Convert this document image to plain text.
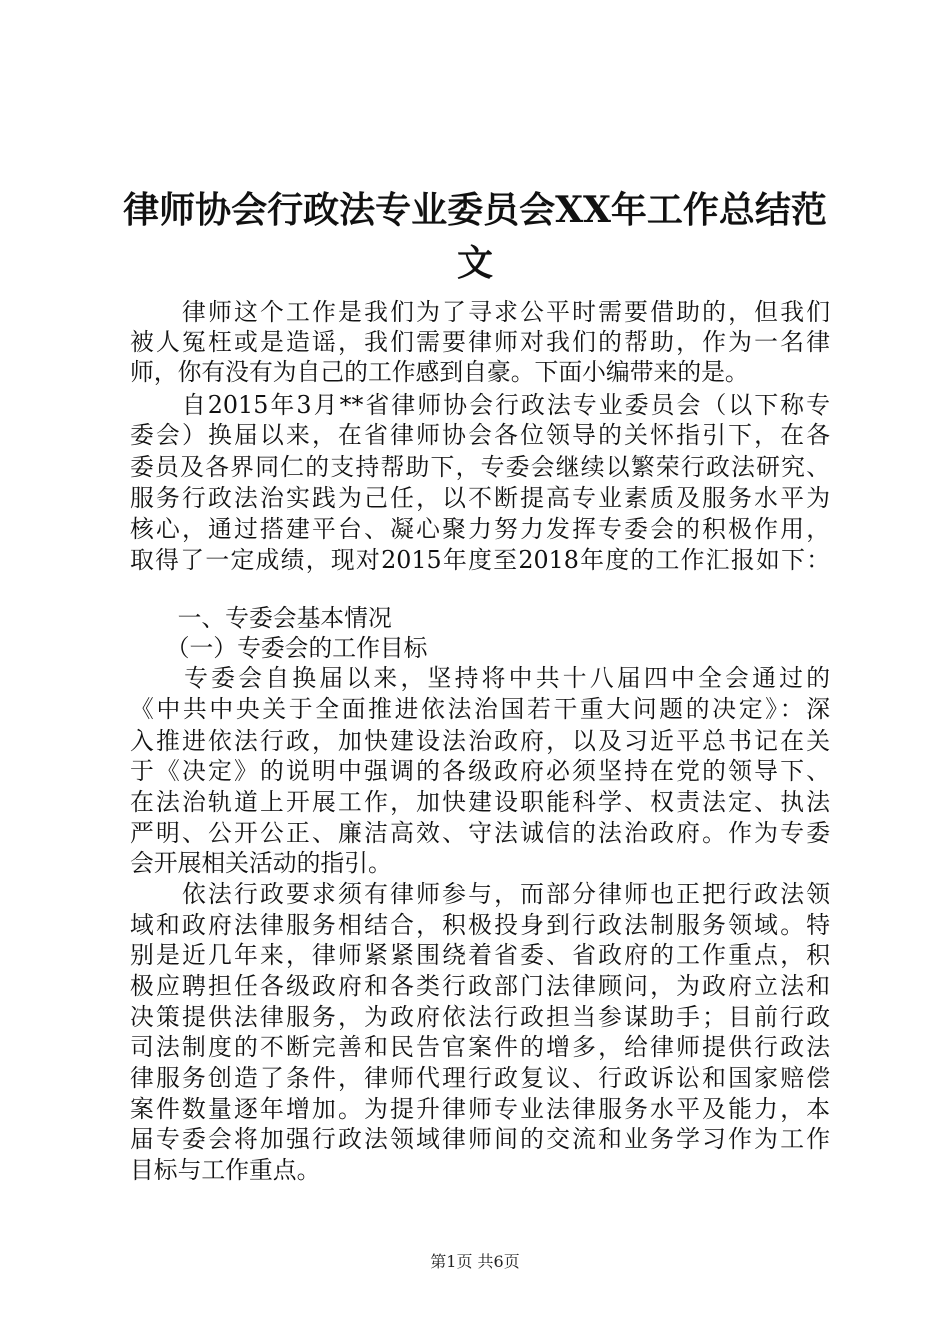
律师协会行政法专业委员会XX年工作总结范
文

　　律师这个工作是我们为了寻求公平时需要借助的，但我们

被人冤枉或是造谣，我们需要律师对我们的帮助，作为一名律

师，你有没有为自己的工作感到自豪。下面小编带来的是。

　　自2015年3月**省律师协会行政法专业委员会（以下称专

委会）换届以来，在省律师协会各位领导的关怀指引下，在各

委员及各界同仁的支持帮助下，专委会继续以繁荣行政法研究、

服务行政法治实践为己任，以不断提高专业素质及服务水平为

核心，通过搭建平台、凝心聚力努力发挥专委会的积极作用，

取得了一定成绩，现对2015年度至2018年度的工作汇报如下：

　　一、专委会基本情况

　　（一）专委会的工作目标

　　专委会自换届以来，坚持将中共十八届四中全会通过的

《中共中央关于全面推进依法治国若干重大问题的决定》：深

入推进依法行政，加快建设法治政府，以及习近平总书记在关

于《决定》的说明中强调的各级政府必须坚持在党的领导下、

在法治轨道上开展工作，加快建设职能科学、权责法定、执法

严明、公开公正、廉洁高效、守法诚信的法治政府。作为专委

会开展相关活动的指引。

　　依法行政要求须有律师参与，而部分律师也正把行政法领

域和政府法律服务相结合，积极投身到行政法制服务领域。特

别是近几年来，律师紧紧围绕着省委、省政府的工作重点，积

极应聘担任各级政府和各类行政部门法律顾问，为政府立法和

决策提供法律服务，为政府依法行政担当参谋助手；目前行政

司法制度的不断完善和民告官案件的增多，给律师提供行政法

律服务创造了条件，律师代理行政复议、行政诉讼和国家赔偿

案件数量逐年增加。为提升律师专业法律服务水平及能力，本

届专委会将加强行政法领域律师间的交流和业务学习作为工作

目标与工作重点。

第1页 共6页
